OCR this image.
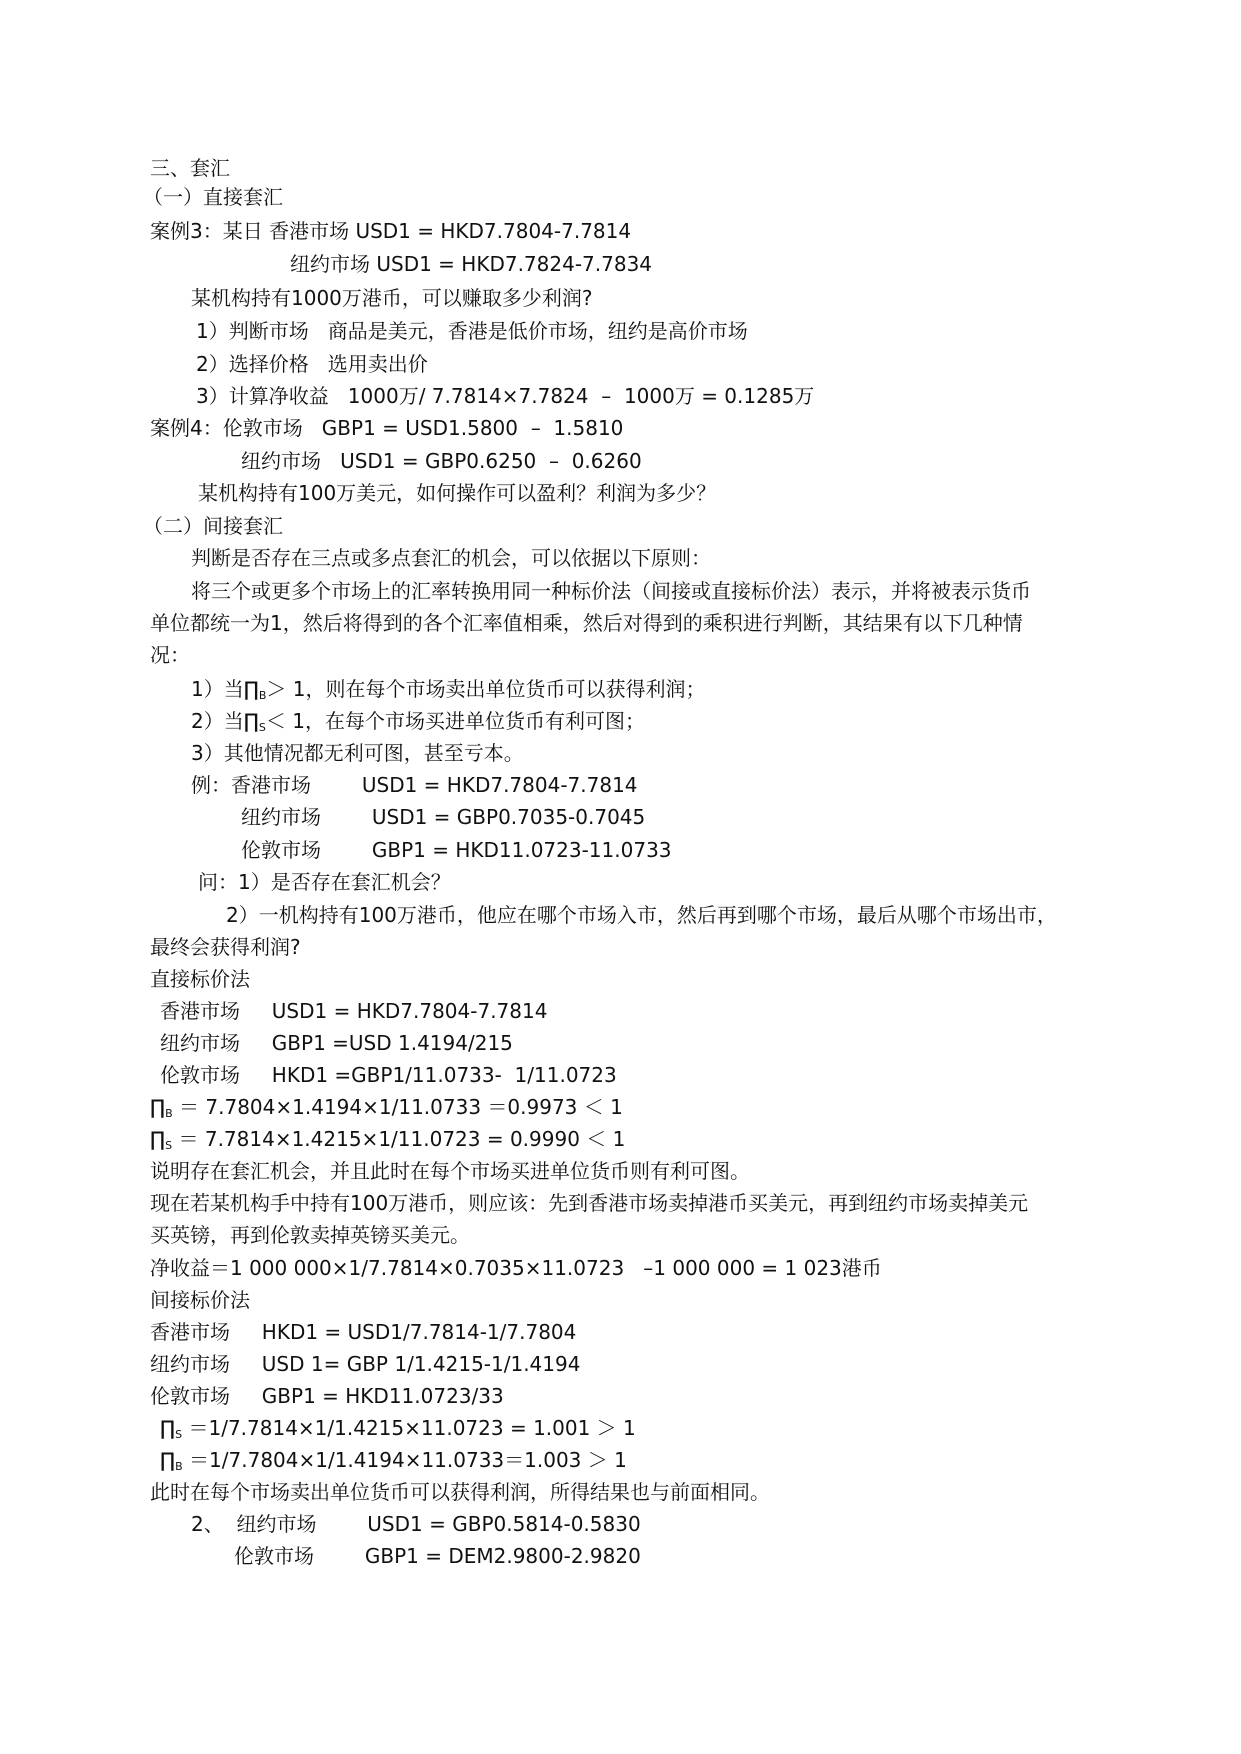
三、套汇
（一）直接套汇
案例3：某日 香港市场 USD1 = HKD7.7804-7.7814
纽约市场 USD1 = HKD7.7824-7.7834
某机构持有1000万港币，可以赚取多少利润?
1）判断市场   商品是美元，香港是低价市场，纽约是高价市场
2）选择价格   选用卖出价
3）计算净收益   1000万/ 7.7814×7.7824  –  1000万 = 0.1285万
案例4：伦敦市场   GBP1 = USD1.5800  –  1.5810
纽约市场   USD1 = GBP0.6250  –  0.6260
某机构持有100万美元，如何操作可以盈利？利润为多少？
（二）间接套汇
判断是否存在三点或多点套汇的机会，可以依据以下原则：
将三个或更多个市场上的汇率转换用同一种标价法（间接或直接标价法）表示，并将被表示货币
单位都统一为1，然后将得到的各个汇率值相乘，然后对得到的乘积进行判断，其结果有以下几种情
况：
1）当$\prod_B> 1$，则在每个市场卖出单位货币可以获得利润；
2）当$\prod_S< 1$，在每个市场买进单位货币有利可图；
3）其他情况都无利可图，甚至亏本。
例：香港市场        USD1 = HKD7.7804-7.7814
纽约市场        USD1 = GBP0.7035-0.7045
伦敦市场        GBP1 = HKD11.0723-11.0733
问：1）是否存在套汇机会？
2）一机构持有100万港币，他应在哪个市场入市，然后再到哪个市场，最后从哪个市场出市，
最终会获得利润?
直接标价法
香港市场     USD1 = HKD7.7804-7.7814
纽约市场     GBP1 =USD 1.4194/215
伦敦市场     HKD1 =GBP1/11.0733-  1/11.0723
$\prod_B = 7.7804\times 1.4194\times 1/11.0733 =0.9973 < 1$
$\prod_S = 7.7814\times 1.4215\times 1/11.0723 = 0.9990 < 1$
说明存在套汇机会，并且此时在每个市场买进单位货币则有利可图。
现在若某机构手中持有100万港币，则应该：先到香港市场卖掉港币买美元，再到纽约市场卖掉美元
买英镑，再到伦敦卖掉英镑买美元。
净收益＝1 000 000×1/7.7814×0.7035×11.0723   –1 000 000 = 1 023港币
间接标价法
香港市场     HKD1 = USD1/7.7814-1/7.7804
纽约市场     USD 1= GBP 1/1.4215-1/1.4194
伦敦市场     GBP1 = HKD11.0723/33
$\prod_S =1/7.7814\times 1/1.4215\times 11.0723 = 1.001 > 1$
$\prod_B =1/7.7804\times 1/1.4194\times 11.0733=1.003 > 1$
此时在每个市场卖出单位货币可以获得利润，所得结果也与前面相同。
2、  纽约市场        USD1 = GBP0.5814-0.5830
伦敦市场        GBP1 = DEM2.9800-2.9820
